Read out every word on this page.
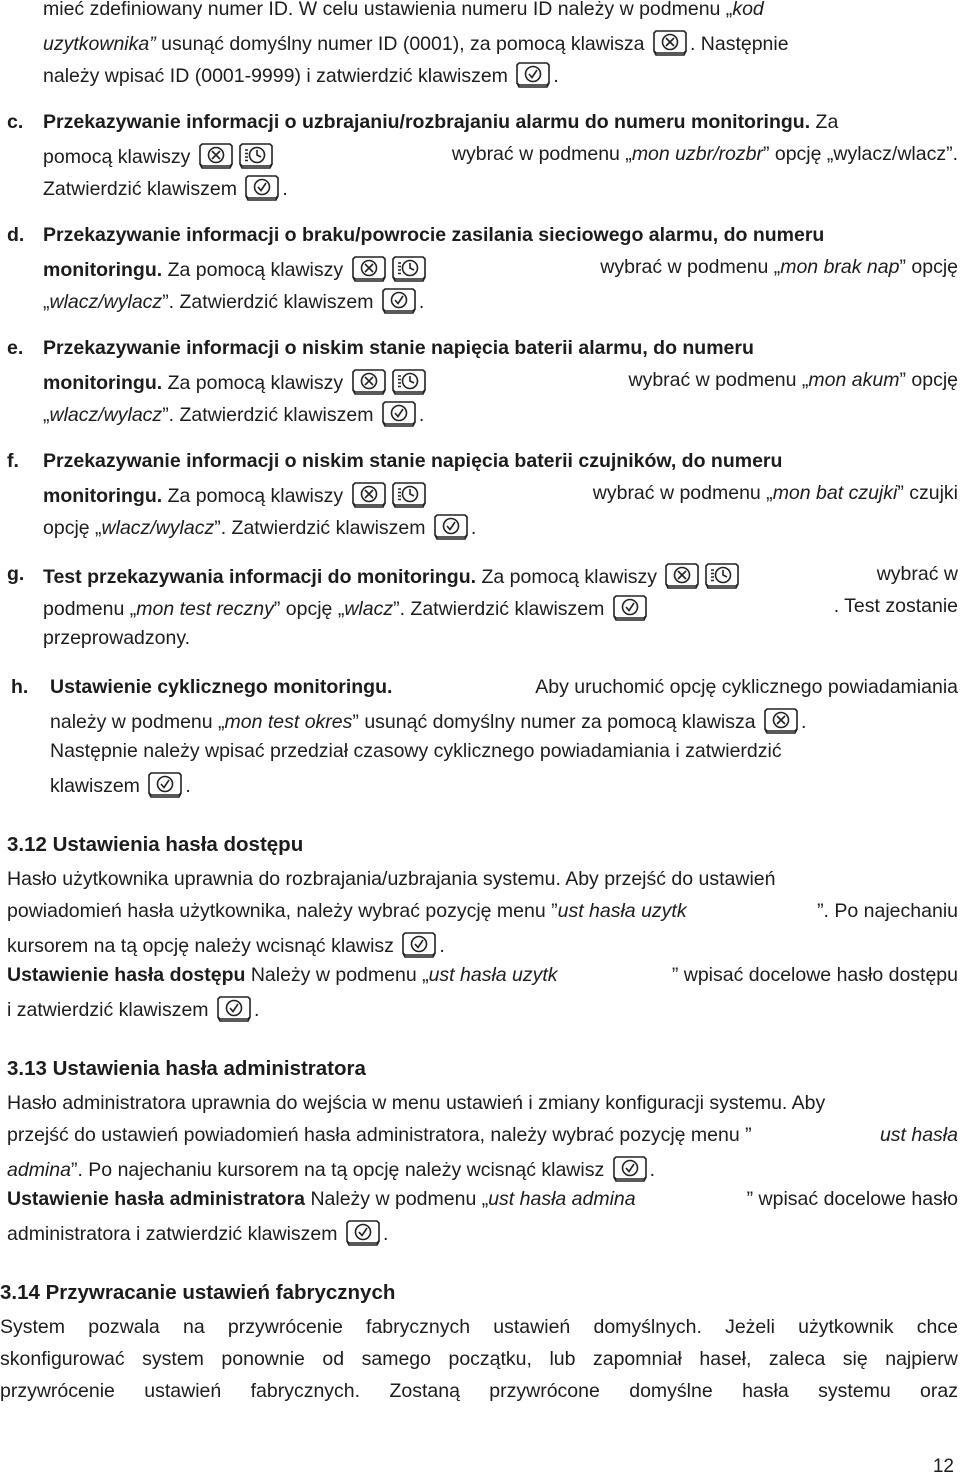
mieć zdefiniowany numer ID. W celu ustawienia numeru ID należy w podmenu „kod
uzytkownika” usunąć domyślny numer ID (0001), za pomocą klawisza
. Następnie
należy wpisać ID (0001-9999) i zatwierdzić klawiszem
.
c. Przekazywanie informacji o uzbrajaniu/rozbrajaniu alarmu do numeru monitoringu. Za
pomocą klawiszy	wybrać w podmenu „mon uzbr/rozbr” opcję „wylacz/wlacz”.
Zatwierdzić klawiszem
.
d. Przekazywanie informacji o braku/powrocie zasilania sieciowego alarmu, do numeru
monitoringu. Za pomocą klawiszy	wybrać w podmenu „mon brak nap” opcję
„wlacz/wylacz”. Zatwierdzić klawiszem
.
e. Przekazywanie informacji o niskim stanie napięcia baterii alarmu, do numeru
monitoringu. Za pomocą klawiszy	wybrać w podmenu „mon akum” opcję
„wlacz/wylacz”. Zatwierdzić klawiszem
.
f. Przekazywanie informacji o niskim stanie napięcia baterii czujników, do numeru
monitoringu. Za pomocą klawiszy	wybrać w podmenu „mon bat czujki” czujki
opcję „wlacz/wylacz”. Zatwierdzić klawiszem
.
g. Test przekazywania informacji do monitoringu. Za pomocą klawiszy	wybrać w
podmenu „mon test reczny” opcję „wlacz”. Zatwierdzić klawiszem	. Test zostanie
przeprowadzony.
h. Ustawienie cyklicznego monitoringu.	Aby uruchomić opcję cyklicznego powiadamiania
należy w podmenu „mon test okres” usunąć domyślny numer za pomocą klawisza
.
Następnie należy wpisać przedział czasowy cyklicznego powiadamiania i zatwierdzić
klawiszem
.
3.12 Ustawienia hasła dostępu
Hasło użytkownika uprawnia do rozbrajania/uzbrajania systemu. Aby przejść do ustawień
powiadomień hasła użytkownika, należy wybrać pozycję menu ”ust hasła uzytk	”. Po najechaniu
kursorem na tą opcję należy wcisnąć klawisz
.
Ustawienie hasła dostępu Należy w podmenu „ust hasła uzytk	” wpisać docelowe hasło dostępu
i zatwierdzić klawiszem
.
3.13 Ustawienia hasła administratora
Hasło administratora uprawnia do wejścia w menu ustawień i zmiany konfiguracji systemu. Aby
przejść do ustawień powiadomień hasła administratora, należy wybrać pozycję menu ”	ust hasła
admina”. Po najechaniu kursorem na tą opcję należy wcisnąć klawisz
.
Ustawienie hasła administratora Należy w podmenu „ust hasła admina	” wpisać docelowe hasło
administratora i zatwierdzić klawiszem
.
3.14 Przywracanie ustawień fabrycznych
System pozwala na przywrócenie fabrycznych ustawień domyślnych. Jeżeli użytkownik chce
skonfigurować system ponownie od samego początku, lub zapomniał haseł, zaleca się najpierw
przywrócenie ustawień fabrycznych. Zostaną przywrócone domyślne hasła systemu oraz
12
